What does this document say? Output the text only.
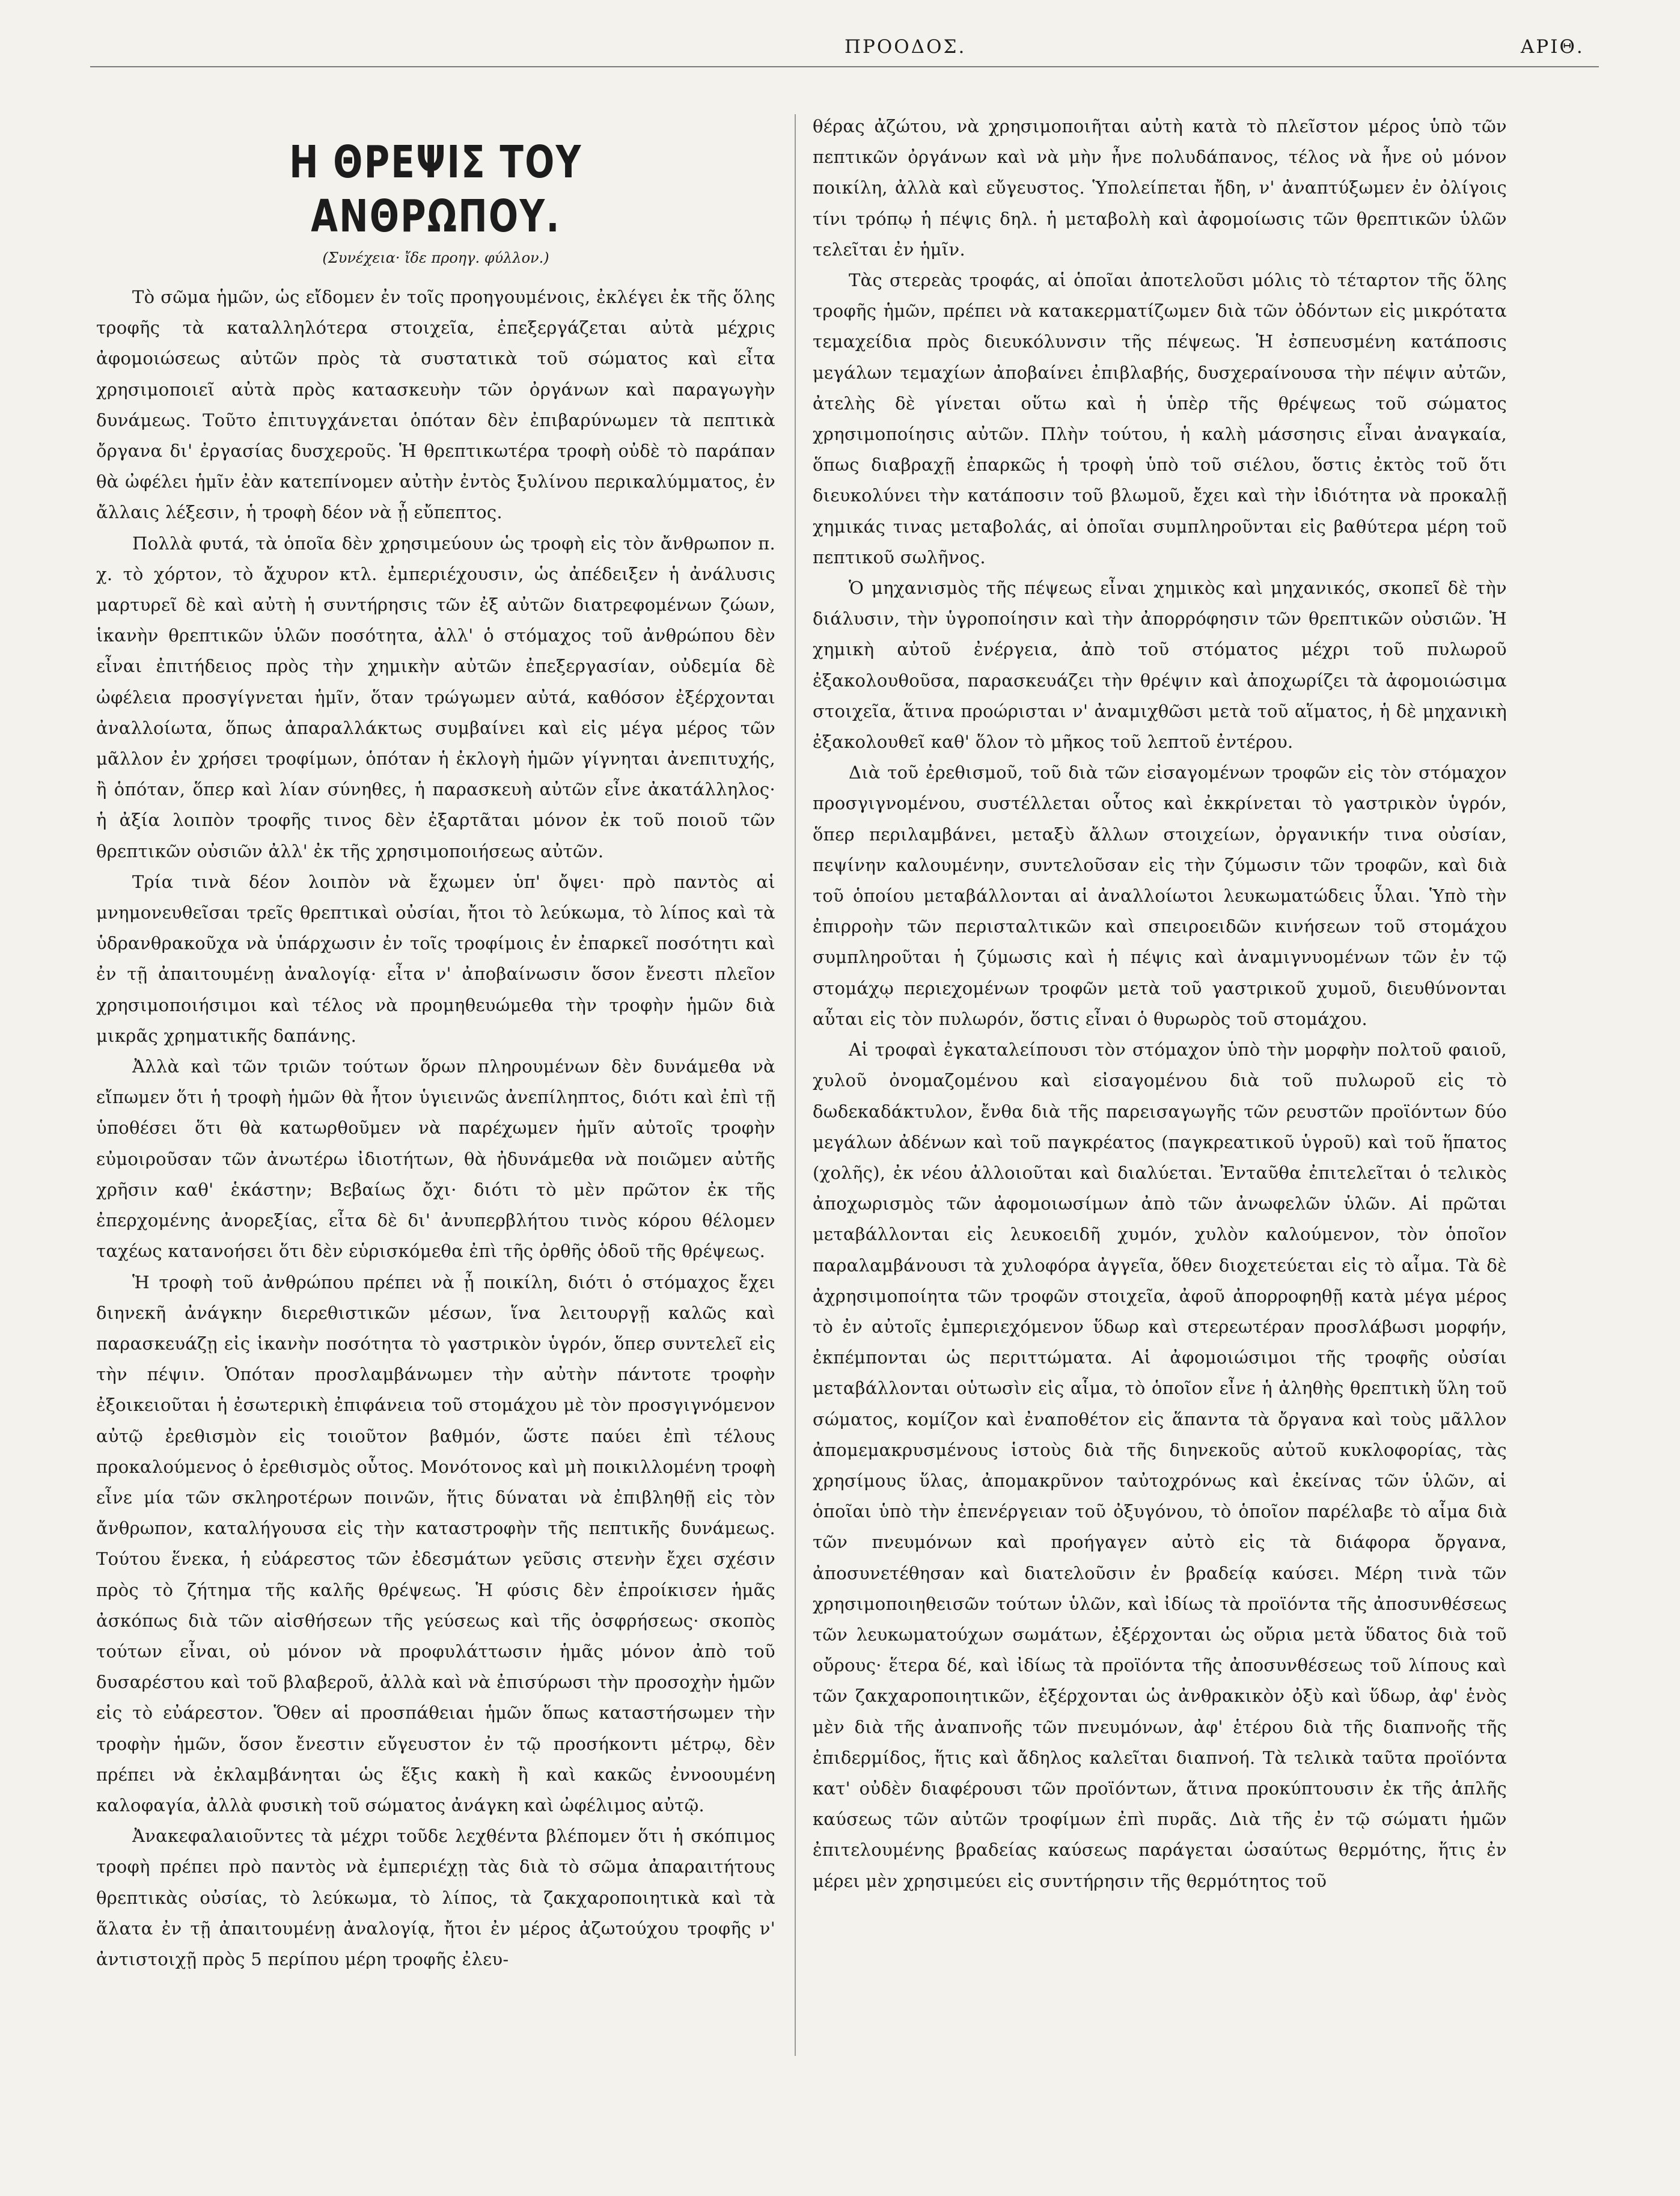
ΠΡΟΟΔΟΣ.	ΑΡΙΘ.
Η ΘΡΕΨΙΣ ΤΟΥ ΑΝΘΡΩΠΟΥ.
(Συνέχεια· ἴδε προηγ. φύλλον.)

Τὸ σῶμα ἡμῶν, ὡς εἴδομεν ἐν τοῖς προηγουμένοις, ἐκλέγει ἐκ τῆς ὅλης τροφῆς τὰ καταλληλότερα στοιχεῖα, ἐπεξεργάζεται αὐτὰ μέχρις ἀφομοιώσεως αὐτῶν πρὸς τὰ συστατικὰ τοῦ σώματος καὶ εἶτα χρησιμοποιεῖ αὐτὰ πρὸς κατασκευὴν τῶν ὀργάνων καὶ παραγωγὴν δυνάμεως. Τοῦτο ἐπιτυγχάνεται ὁπόταν δὲν ἐπιβαρύνωμεν τὰ πεπτικὰ ὄργανα δι' ἐργασίας δυσχεροῦς. Ἡ θρεπτικωτέρα τροφὴ οὐδὲ τὸ παράπαν θὰ ὠφέλει ἡμῖν ἐὰν κατεπίνομεν αὐτὴν ἐντὸς ξυλίνου περικαλύμματος, ἐν ἄλλαις λέξεσιν, ἡ τροφὴ δέον νὰ ᾖ εὔπεπτος.

Πολλὰ φυτά, τὰ ὁποῖα δὲν χρησιμεύουν ὡς τροφὴ εἰς τὸν ἄνθρωπον π. χ. τὸ χόρτον, τὸ ἄχυρον κτλ. ἐμπεριέχουσιν, ὡς ἀπέδειξεν ἡ ἀνάλυσις μαρτυρεῖ δὲ καὶ αὐτὴ ἡ συντήρησις τῶν ἐξ αὐτῶν διατρεφομένων ζώων, ἱκανὴν θρεπτικῶν ὑλῶν ποσότητα, ἀλλ' ὁ στόμαχος τοῦ ἀνθρώπου δὲν εἶναι ἐπιτήδειος πρὸς τὴν χημικὴν αὐτῶν ἐπεξεργασίαν, οὐδεμία δὲ ὠφέλεια προσγίγνεται ἡμῖν, ὅταν τρώγωμεν αὐτά, καθόσον ἐξέρχονται ἀναλλοίωτα, ὅπως ἀπαραλλάκτως συμβαίνει καὶ εἰς μέγα μέρος τῶν μᾶλλον ἐν χρήσει τροφίμων, ὁπόταν ἡ ἐκλογὴ ἡμῶν γίγνηται ἀνεπιτυχής, ἢ ὁπόταν, ὅπερ καὶ λίαν σύνηθες, ἡ παρασκευὴ αὐτῶν εἶνε ἀκατάλληλος· ἡ ἀξία λοιπὸν τροφῆς τινος δὲν ἐξαρτᾶται μόνον ἐκ τοῦ ποιοῦ τῶν θρεπτικῶν οὐσιῶν ἀλλ' ἐκ τῆς χρησιμοποιήσεως αὐτῶν.

Τρία τινὰ δέον λοιπὸν νὰ ἔχωμεν ὑπ' ὄψει· πρὸ παντὸς αἱ μνημονευθεῖσαι τρεῖς θρεπτικαὶ οὐσίαι, ἤτοι τὸ λεύκωμα, τὸ λίπος καὶ τὰ ὑδρανθρακοῦχα νὰ ὑπάρχωσιν ἐν τοῖς τροφίμοις ἐν ἐπαρκεῖ ποσότητι καὶ ἐν τῇ ἀπαιτουμένῃ ἀναλογίᾳ· εἶτα ν' ἀποβαίνωσιν ὅσον ἔνεστι πλεῖον χρησιμοποιήσιμοι καὶ τέλος νὰ προμηθευώμεθα τὴν τροφὴν ἡμῶν διὰ μικρᾶς χρηματικῆς δαπάνης.

Ἀλλὰ καὶ τῶν τριῶν τούτων ὅρων πληρουμένων δὲν δυνάμεθα νὰ εἴπωμεν ὅτι ἡ τροφὴ ἡμῶν θὰ ἦτον ὑγιεινῶς ἀνεπίληπτος, διότι καὶ ἐπὶ τῇ ὑποθέσει ὅτι θὰ κατωρθοῦμεν νὰ παρέχωμεν ἡμῖν αὐτοῖς τροφὴν εὐμοιροῦσαν τῶν ἀνωτέρω ἰδιοτήτων, θὰ ἠδυνάμεθα νὰ ποιῶμεν αὐτῆς χρῆσιν καθ' ἑκάστην; Βεβαίως ὄχι· διότι τὸ μὲν πρῶτον ἐκ τῆς ἐπερχομένης ἀνορεξίας, εἶτα δὲ δι' ἀνυπερβλήτου τινὸς κόρου θέλομεν ταχέως κατανοήσει ὅτι δὲν εὑρισκόμεθα ἐπὶ τῆς ὀρθῆς ὁδοῦ τῆς θρέψεως.

Ἡ τροφὴ τοῦ ἀνθρώπου πρέπει νὰ ᾖ ποικίλη, διότι ὁ στόμαχος ἔχει διηνεκῆ ἀνάγκην διερεθιστικῶν μέσων, ἵνα λειτουργῇ καλῶς καὶ παρασκευάζῃ εἰς ἱκανὴν ποσότητα τὸ γαστρικὸν ὑγρόν, ὅπερ συντελεῖ εἰς τὴν πέψιν. Ὁπόταν προσλαμβάνωμεν τὴν αὐτὴν πάντοτε τροφὴν ἐξοικειοῦται ἡ ἐσωτερικὴ ἐπιφάνεια τοῦ στομάχου μὲ τὸν προσγιγνόμενον αὐτῷ ἐρεθισμὸν εἰς τοιοῦτον βαθμόν, ὥστε παύει ἐπὶ τέλους προκαλούμενος ὁ ἐρεθισμὸς οὗτος. Μονότονος καὶ μὴ ποικιλλομένη τροφὴ εἶνε μία τῶν σκληροτέρων ποινῶν, ἥτις δύναται νὰ ἐπιβληθῇ εἰς τὸν ἄνθρωπον, καταλήγουσα εἰς τὴν καταστροφὴν τῆς πεπτικῆς δυνάμεως. Τούτου ἕνεκα, ἡ εὐάρεστος τῶν ἐδεσμάτων γεῦσις στενὴν ἔχει σχέσιν πρὸς τὸ ζήτημα τῆς καλῆς θρέψεως. Ἡ φύσις δὲν ἐπροίκισεν ἡμᾶς ἀσκόπως διὰ τῶν αἰσθήσεων τῆς γεύσεως καὶ τῆς ὀσφρήσεως· σκοπὸς τούτων εἶναι, οὐ μόνον νὰ προφυλάττωσιν ἡμᾶς μόνον ἀπὸ τοῦ δυσαρέστου καὶ τοῦ βλαβεροῦ, ἀλλὰ καὶ νὰ ἐπισύρωσι τὴν προσοχὴν ἡμῶν εἰς τὸ εὐάρεστον. Ὅθεν αἱ προσπάθειαι ἡμῶν ὅπως καταστήσωμεν τὴν τροφὴν ἡμῶν, ὅσον ἔνεστιν εὔγευστον ἐν τῷ προσήκοντι μέτρῳ, δὲν πρέπει νὰ ἐκλαμβάνηται ὡς ἕξις κακὴ ἢ καὶ κακῶς ἐννοουμένη καλοφαγία, ἀλλὰ φυσικὴ τοῦ σώματος ἀνάγκη καὶ ὠφέλιμος αὐτῷ.

Ἀνακεφαλαιοῦντες τὰ μέχρι τοῦδε λεχθέντα βλέπομεν ὅτι ἡ σκόπιμος τροφὴ πρέπει πρὸ παντὸς νὰ ἐμπεριέχῃ τὰς διὰ τὸ σῶμα ἀπαραιτήτους θρεπτικὰς οὐσίας, τὸ λεύκωμα, τὸ λίπος, τὰ ζακχαροποιητικὰ καὶ τὰ ἅλατα ἐν τῇ ἀπαιτουμένῃ ἀναλογίᾳ, ἤτοι ἐν μέρος ἀζωτούχου τροφῆς ν' ἀντιστοιχῇ πρὸς 5 περίπου μέρη τροφῆς ἐλευ-

θέρας ἀζώτου, νὰ χρησιμοποιῆται αὐτὴ κατὰ τὸ πλεῖστον μέρος ὑπὸ τῶν πεπτικῶν ὀργάνων καὶ νὰ μὴν ἦνε πολυδάπανος, τέλος νὰ ἦνε οὐ μόνον ποικίλη, ἀλλὰ καὶ εὔγευστος. Ὑπολείπεται ἤδη, ν' ἀναπτύξωμεν ἐν ὀλίγοις τίνι τρόπῳ ἡ πέψις δηλ. ἡ μεταβολὴ καὶ ἀφομοίωσις τῶν θρεπτικῶν ὑλῶν τελεῖται ἐν ἡμῖν.

Τὰς στερεὰς τροφάς, αἱ ὁποῖαι ἀποτελοῦσι μόλις τὸ τέταρτον τῆς ὅλης τροφῆς ἡμῶν, πρέπει νὰ κατακερματίζωμεν διὰ τῶν ὀδόντων εἰς μικρότατα τεμαχείδια πρὸς διευκόλυνσιν τῆς πέψεως. Ἡ ἐσπευσμένη κατάποσις μεγάλων τεμαχίων ἀποβαίνει ἐπιβλαβής, δυσχεραίνουσα τὴν πέψιν αὐτῶν, ἀτελὴς δὲ γίνεται οὕτω καὶ ἡ ὑπὲρ τῆς θρέψεως τοῦ σώματος χρησιμοποίησις αὐτῶν. Πλὴν τούτου, ἡ καλὴ μάσσησις εἶναι ἀναγκαία, ὅπως διαβραχῇ ἐπαρκῶς ἡ τροφὴ ὑπὸ τοῦ σιέλου, ὅστις ἐκτὸς τοῦ ὅτι διευκολύνει τὴν κατάποσιν τοῦ βλωμοῦ, ἔχει καὶ τὴν ἰδιότητα νὰ προκαλῇ χημικάς τινας μεταβολάς, αἱ ὁποῖαι συμπληροῦνται εἰς βαθύτερα μέρη τοῦ πεπτικοῦ σωλῆνος.

Ὁ μηχανισμὸς τῆς πέψεως εἶναι χημικὸς καὶ μηχανικός, σκοπεῖ δὲ τὴν διάλυσιν, τὴν ὑγροποίησιν καὶ τὴν ἀπορρόφησιν τῶν θρεπτικῶν οὐσιῶν. Ἡ χημικὴ αὐτοῦ ἐνέργεια, ἀπὸ τοῦ στόματος μέχρι τοῦ πυλωροῦ ἐξακολουθοῦσα, παρασκευάζει τὴν θρέψιν καὶ ἀποχωρίζει τὰ ἀφομοιώσιμα στοιχεῖα, ἅτινα προώρισται ν' ἀναμιχθῶσι μετὰ τοῦ αἵματος, ἡ δὲ μηχανικὴ ἐξακολουθεῖ καθ' ὅλον τὸ μῆκος τοῦ λεπτοῦ ἐντέρου.

Διὰ τοῦ ἐρεθισμοῦ, τοῦ διὰ τῶν εἰσαγομένων τροφῶν εἰς τὸν στόμαχον προσγιγνομένου, συστέλλεται οὗτος καὶ ἐκκρίνεται τὸ γαστρικὸν ὑγρόν, ὅπερ περιλαμβάνει, μεταξὺ ἄλλων στοιχείων, ὀργανικήν τινα οὐσίαν, πεψίνην καλουμένην, συντελοῦσαν εἰς τὴν ζύμωσιν τῶν τροφῶν, καὶ διὰ τοῦ ὁποίου μεταβάλλονται αἱ ἀναλλοίωτοι λευκωματώδεις ὗλαι. Ὑπὸ τὴν ἐπιρροὴν τῶν περισταλτικῶν καὶ σπειροειδῶν κινήσεων τοῦ στομάχου συμπληροῦται ἡ ζύμωσις καὶ ἡ πέψις καὶ ἀναμιγνυομένων τῶν ἐν τῷ στομάχῳ περιεχομένων τροφῶν μετὰ τοῦ γαστρικοῦ χυμοῦ, διευθύνονται αὗται εἰς τὸν πυλωρόν, ὅστις εἶναι ὁ θυρωρὸς τοῦ στομάχου.

Αἱ τροφαὶ ἐγκαταλείπουσι τὸν στόμαχον ὑπὸ τὴν μορφὴν πολτοῦ φαιοῦ, χυλοῦ ὀνομαζομένου καὶ εἰσαγομένου διὰ τοῦ πυλωροῦ εἰς τὸ δωδεκαδάκτυλον, ἔνθα διὰ τῆς παρεισαγωγῆς τῶν ρευστῶν προϊόντων δύο μεγάλων ἀδένων καὶ τοῦ παγκρέατος (παγκρεατικοῦ ὑγροῦ) καὶ τοῦ ἥπατος (χολῆς), ἐκ νέου ἀλλοιοῦται καὶ διαλύεται. Ἐνταῦθα ἐπιτελεῖται ὁ τελικὸς ἀποχωρισμὸς τῶν ἀφομοιωσίμων ἀπὸ τῶν ἀνωφελῶν ὑλῶν. Αἱ πρῶται μεταβάλλονται εἰς λευκοειδῆ χυμόν, χυλὸν καλούμενον, τὸν ὁποῖον παραλαμβάνουσι τὰ χυλοφόρα ἀγγεῖα, ὅθεν διοχετεύεται εἰς τὸ αἷμα. Τὰ δὲ ἀχρησιμοποίητα τῶν τροφῶν στοιχεῖα, ἀφοῦ ἀπορροφηθῇ κατὰ μέγα μέρος τὸ ἐν αὐτοῖς ἐμπεριεχόμενον ὕδωρ καὶ στερεωτέραν προσλάβωσι μορφήν, ἐκπέμπονται ὡς περιττώματα. Αἱ ἀφομοιώσιμοι τῆς τροφῆς οὐσίαι μεταβάλλονται οὑτωσὶν εἰς αἷμα, τὸ ὁποῖον εἶνε ἡ ἀληθὴς θρεπτικὴ ὕλη τοῦ σώματος, κομίζον καὶ ἐναποθέτον εἰς ἅπαντα τὰ ὄργανα καὶ τοὺς μᾶλλον ἀπομεμακρυσμένους ἱστοὺς διὰ τῆς διηνεκοῦς αὐτοῦ κυκλοφορίας, τὰς χρησίμους ὕλας, ἀπομακρῦνον ταὐτοχρόνως καὶ ἐκείνας τῶν ὑλῶν, αἱ ὁποῖαι ὑπὸ τὴν ἐπενέργειαν τοῦ ὀξυγόνου, τὸ ὁποῖον παρέλαβε τὸ αἷμα διὰ τῶν πνευμόνων καὶ προήγαγεν αὐτὸ εἰς τὰ διάφορα ὄργανα, ἀποσυνετέθησαν καὶ διατελοῦσιν ἐν βραδείᾳ καύσει. Μέρη τινὰ τῶν χρησιμοποιηθεισῶν τούτων ὑλῶν, καὶ ἰδίως τὰ προϊόντα τῆς ἀποσυνθέσεως τῶν λευκωματούχων σωμάτων, ἐξέρχονται ὡς οὔρια μετὰ ὕδατος διὰ τοῦ οὔρους· ἕτερα δέ, καὶ ἰδίως τὰ προϊόντα τῆς ἀποσυνθέσεως τοῦ λίπους καὶ τῶν ζακχαροποιητικῶν, ἐξέρχονται ὡς ἀνθρακικὸν ὀξὺ καὶ ὕδωρ, ἀφ' ἑνὸς μὲν διὰ τῆς ἀναπνοῆς τῶν πνευμόνων, ἀφ' ἑτέρου διὰ τῆς διαπνοῆς τῆς ἐπιδερμίδος, ἥτις καὶ ἄδηλος καλεῖται διαπνοή. Τὰ τελικὰ ταῦτα προϊόντα κατ' οὐδὲν διαφέρουσι τῶν προϊόντων, ἅτινα προκύπτουσιν ἐκ τῆς ἁπλῆς καύσεως τῶν αὐτῶν τροφίμων ἐπὶ πυρᾶς. Διὰ τῆς ἐν τῷ σώματι ἡμῶν ἐπιτελουμένης βραδείας καύσεως παράγεται ὡσαύτως θερμότης, ἥτις ἐν μέρει μὲν χρησιμεύει εἰς συντήρησιν τῆς θερμότητος τοῦ
